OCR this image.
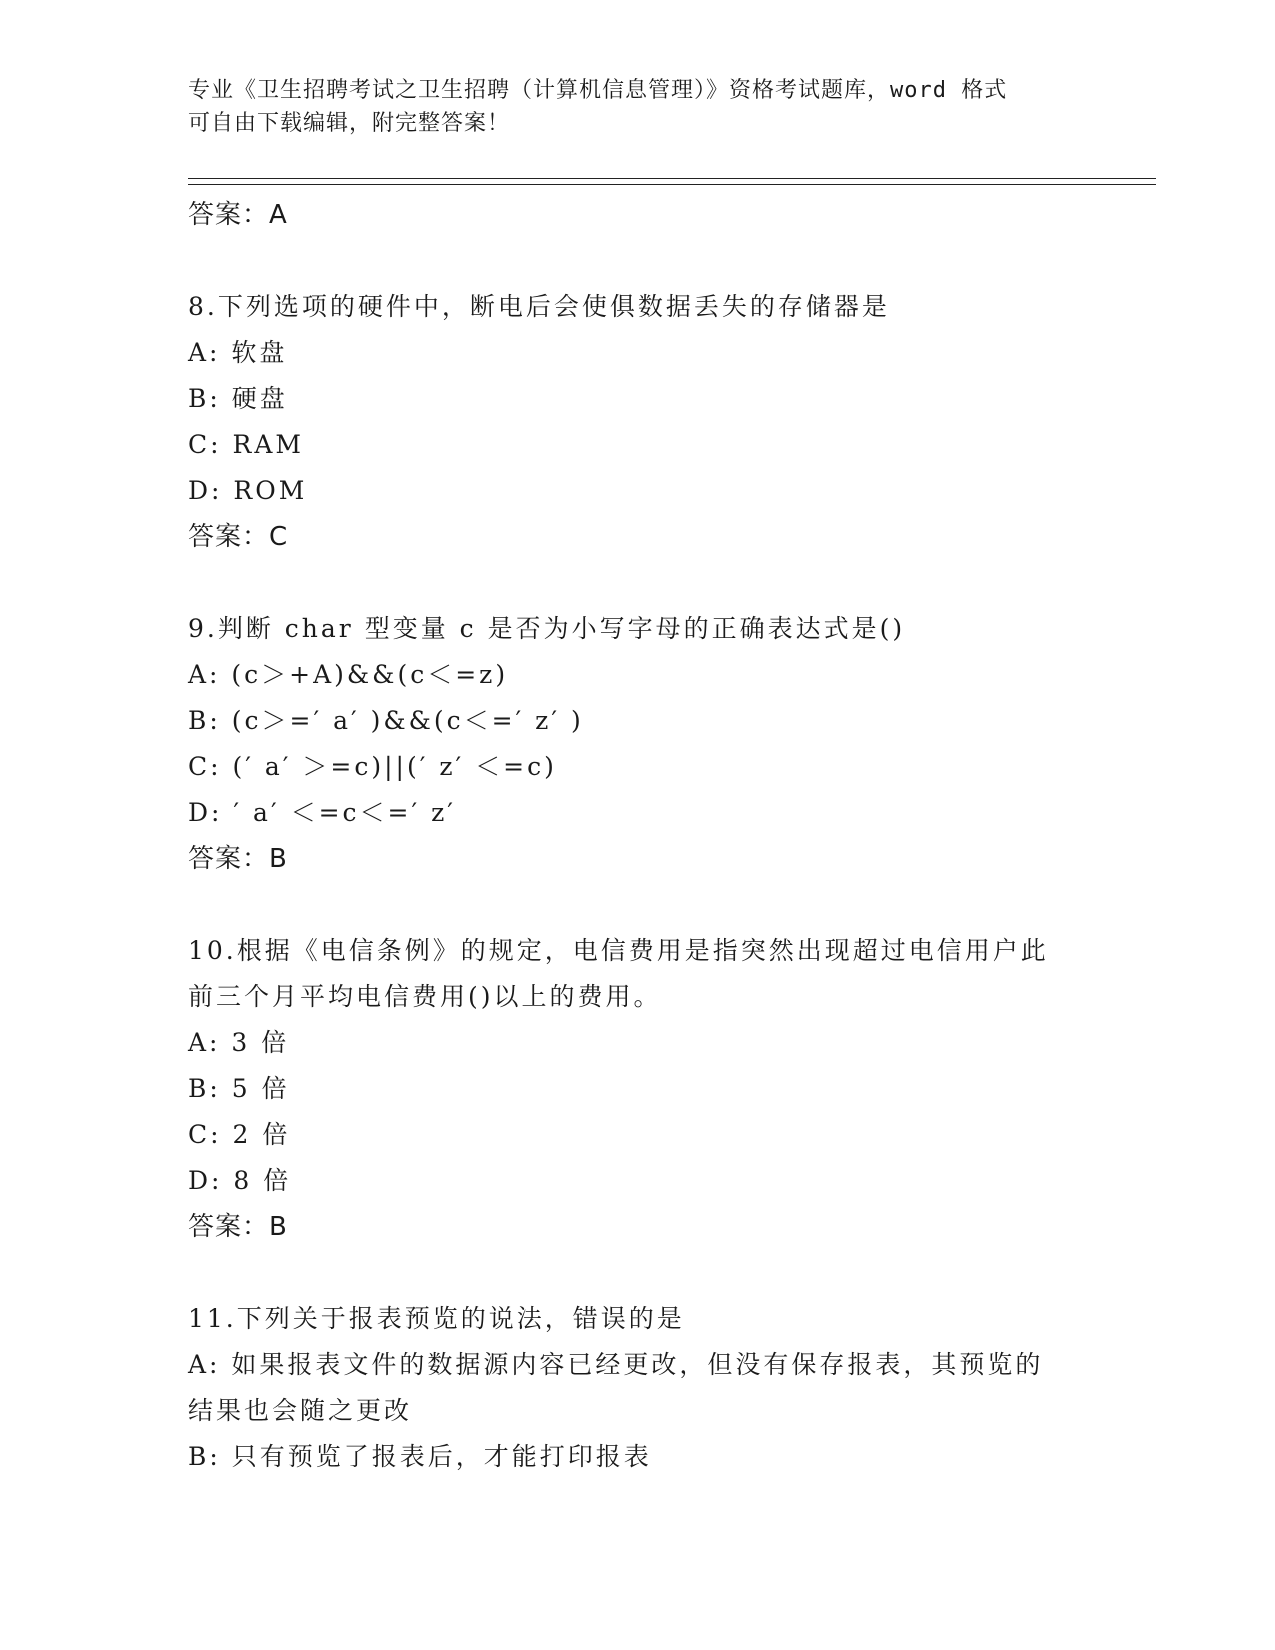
专业《卫生招聘考试之卫生招聘（计算机信息管理）》资格考试题库，word 格式
可自由下载编辑，附完整答案！
答案：A
8.下列选项的硬件中，断电后会使俱数据丢失的存储器是
A: 软盘
B: 硬盘
C: RAM
D: ROM
答案：C
9.判断 char 型变量 c 是否为小写字母的正确表达式是()
A: (c＞+A)&&(c＜=z)
B: (c＞=′ a′ )&&(c＜=′ z′ )
C: (′ a′ ＞=c)||(′ z′ ＜=c)
D: ′ a′ ＜=c＜=′ z′
答案：B
10.根据《电信条例》的规定，电信费用是指突然出现超过电信用户此
前三个月平均电信费用()以上的费用。
A: 3 倍
B: 5 倍
C: 2 倍
D: 8 倍
答案：B
11.下列关于报表预览的说法，错误的是
A: 如果报表文件的数据源内容已经更改，但没有保存报表，其预览的
结果也会随之更改
B: 只有预览了报表后，才能打印报表
